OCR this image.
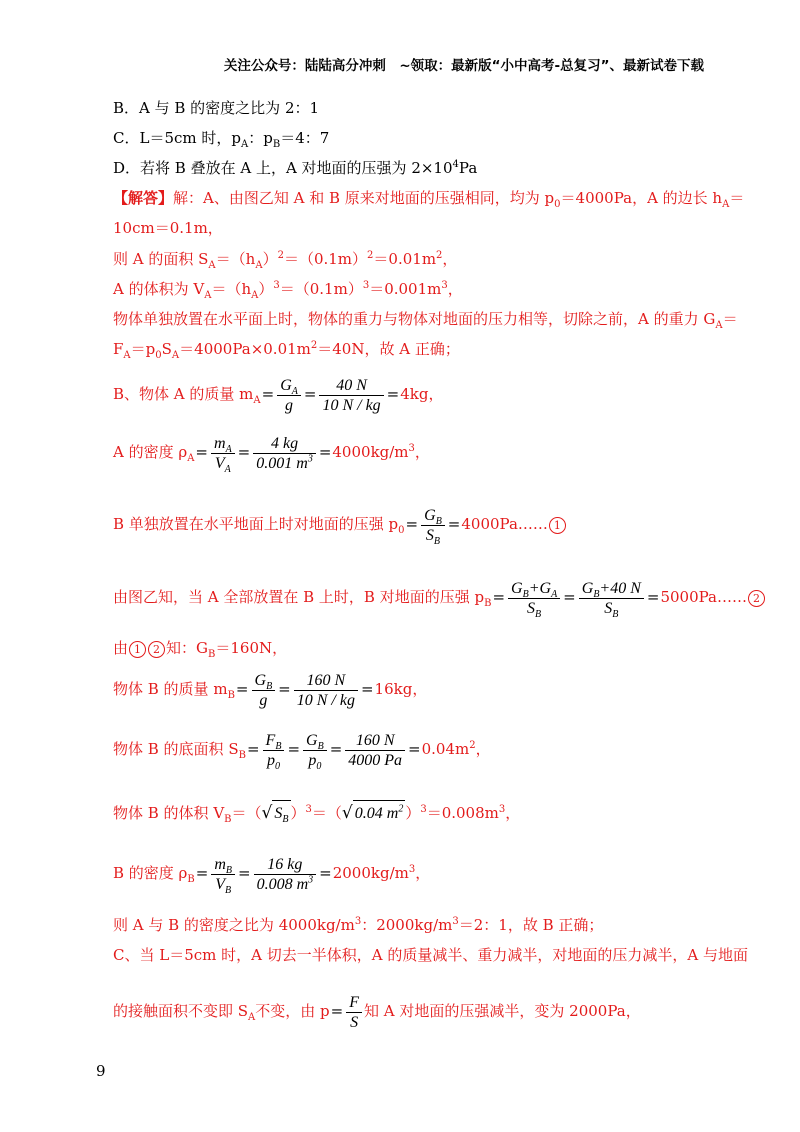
关注公众号：陆陆高分冲刺　~领取：最新版“小中高考-总复习”、最新试卷下载
B．A 与 B 的密度之比为 2：1
C．L＝5cm 时，$p_A$：$p_B=4$：7
D．若将 B 叠放在 A 上，A 对地面的压强为 $2\times 10^4Pa$
【解答】解：A、由图乙知 A 和 B 原来对地面的压强相同，均为 $p_0=4000Pa$，A 的边长 $h_A=$
10cm＝0.1m，
则 A 的面积 $S_A=(h_A)^2=(0.1m)^2=0.01m^2$，
A 的体积为 $V_A=(h_A)^3=(0.1m)^3=0.001m^3$，
物体单独放置在水平面上时，物体的重力与物体对地面的压力相等，切除之前，A 的重力 $G_A=$
$F_A=p_0S_A=4000Pa\times 0.01m^2=40N$，故 A 正确；
B、物体 A 的质量 $m_A= \frac{G_A}{g} = \frac{40 N}{10 N / kg} =4kg$，
A 的密度 $\rho_A= \frac{m_A}{V_A} = \frac{4 kg}{0.001 m^3} =4000kg/m^3$，
B 单独放置在水平地面上时对地面的压强 $p_0= \frac{G_B}{S_B}$ =4000Pa…… 1
由图乙知，当 A 全部放置在 B 上时，B 对地面的压强 $p_B= \frac{G_B+G_A}{S_B} = \frac{G_B+40 N}{S_B}$ =5000Pa…… 2
由 1 2 知：$G_B=160N$，
物体 B 的质量 $m_B= \frac{G_B}{g} = \frac{160 N}{10 N / kg} =16kg$，
物体 B 的底面积 $S_B= \frac{F_B}{p_0} = \frac{G_B}{p_0} = \frac{160 N}{4000 Pa} =0.04m^2$，
物体 B 的体积 $V_B=(√$ $S_B$ ）$^3$＝（√ 0.04 $m^2$ ）$^3=0.008m^3$，
B 的密度 $\rho_B= \frac{m_B}{V_B} = \frac{16 kg}{0.008 m^3} =2000kg/m^3$，
则 A 与 B 的密度之比为 $4000kg/m^3$：$2000kg/m^3=2$：1，故 B 正确；
C、当 L＝5cm 时，A 切去一半体积，A 的质量减半、重力减半，对地面的压力减半，A 与地面
的接触面积不变即 $S_A$不变，由 $p= \frac{F}{S}$ 知 A 对地面的压强减半，变为 2000Pa，
9
